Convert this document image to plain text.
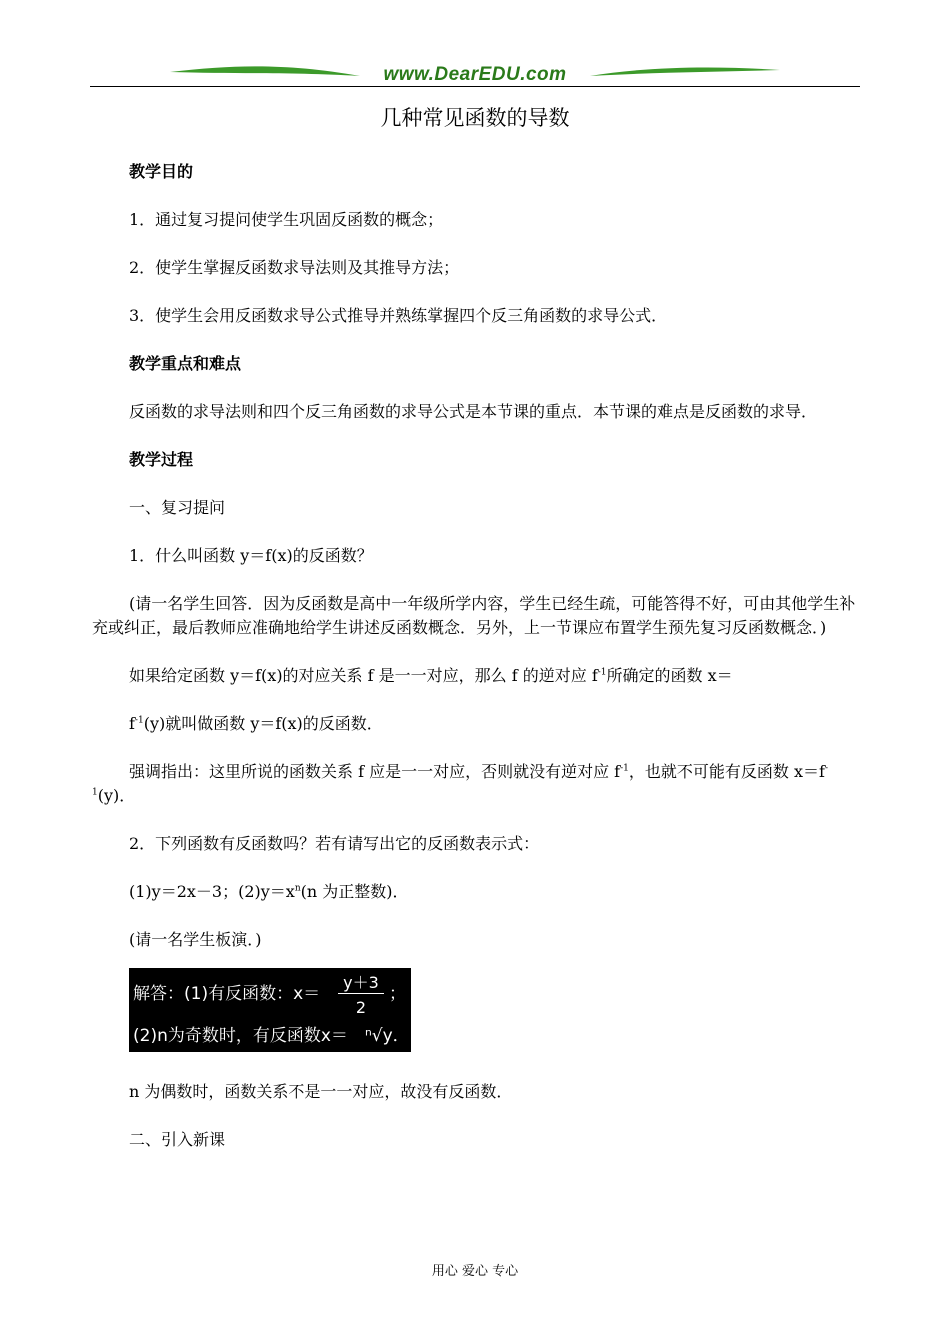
www.DearEDU.com
几种常见函数的导数

教学目的

1．通过复习提问使学生巩固反函数的概念；

2．使学生掌握反函数求导法则及其推导方法；

3．使学生会用反函数求导公式推导并熟练掌握四个反三角函数的求导公式．

教学重点和难点

反函数的求导法则和四个反三角函数的求导公式是本节课的重点．本节课的难点是反函数的求导．

教学过程

一、复习提问

1．什么叫函数 y＝f(x)的反函数？

(请一名学生回答．因为反函数是高中一年级所学内容，学生已经生疏，可能答得不好，可由其他学生补充或纠正，最后教师应准确地给学生讲述反函数概念．另外，上一节课应布置学生预先复习反函数概念．)

如果给定函数 y＝f(x)的对应关系 f 是一一对应，那么 f 的逆对应 $f^{-1}$所确定的函数 x＝

$f^{-1}(y)$就叫做函数 y＝f(x)的反函数．

强调指出：这里所说的函数关系 f 应是一一对应，否则就没有逆对应 $f^{-1}$，也就不可能有反函数 $x=f^{-1}(y)$．

2．下列函数有反函数吗？若有请写出它的反函数表示式：

(1)y＝2x－3；$(2)y=x^n(n$ 为正整数)．

(请一名学生板演．)

解答：(1)有反函数：x＝
y＋3
2
；
(2)n为奇数时，有反函数x＝ ⁿ√y．

n 为偶数时，函数关系不是一一对应，故没有反函数．

二、引入新课

用心 爱心 专心
